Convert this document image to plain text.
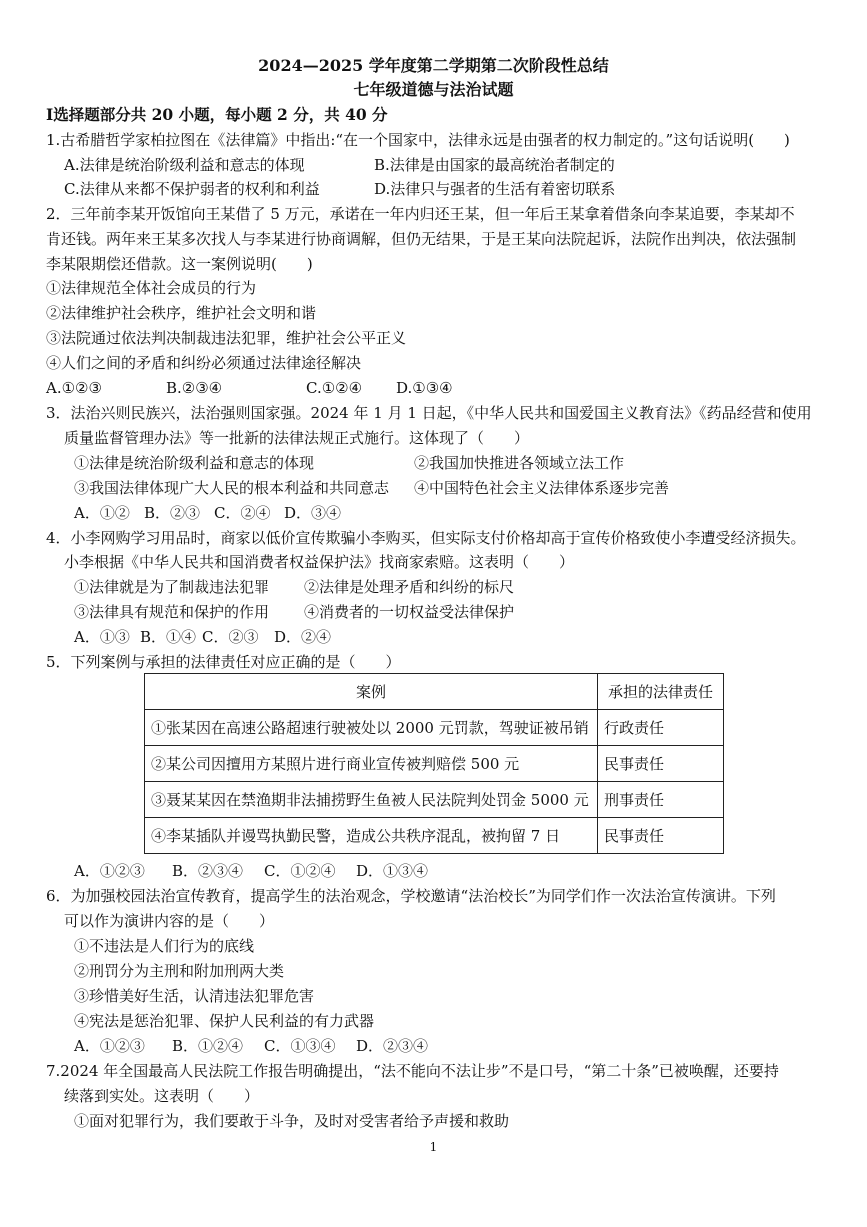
2024—2025 学年度第二学期第二次阶段性总结
七年级道德与法治试题
Ⅰ选择题部分共 20 小题，每小题 2 分，共 40 分
1.古希腊哲学家柏拉图在《法律篇》中指出:“在一个国家中，法律永远是由强者的权力制定的。”这句话说明(　　)
A.法律是统治阶级利益和意志的体现	B.法律是由国家的最高统治者制定的
C.法律从来都不保护弱者的权利和利益	D.法律只与强者的生活有着密切联系
2．三年前李某开饭馆向王某借了 5 万元，承诺在一年内归还王某，但一年后王某拿着借条向李某追要，李某却不
肯还钱。两年来王某多次找人与李某进行协商调解，但仍无结果，于是王某向法院起诉，法院作出判决，依法强制
李某限期偿还借款。这一案例说明(　　)
①法律规范全体社会成员的行为
②法律维护社会秩序，维护社会文明和谐
③法院通过依法判决制裁违法犯罪，维护社会公平正义
④人们之间的矛盾和纠纷必须通过法律途径解决
A.①②③	B.②③④	C.①②④ D.①③④
3．法治兴则民族兴，法治强则国家强。2024 年 1 月 1 日起，《中华人民共和国爱国主义教育法》《药品经营和使用
质量监督管理办法》等一批新的法律法规正式施行。这体现了（　　）
①法律是统治阶级利益和意志的体现	②我国加快推进各领域立法工作
③我国法律体现广大人民的根本利益和共同意志 ④中国特色社会主义法律体系逐步完善
A．①② B．②③ C．②④ D．③④
4．小李网购学习用品时，商家以低价宣传欺骗小李购买，但实际支付价格却高于宣传价格致使小李遭受经济损失。
小李根据《中华人民共和国消费者权益保护法》找商家索赔。这表明（　　）
①法律就是为了制裁违法犯罪 ②法律是处理矛盾和纠纷的标尺
③法律具有规范和保护的作用 ④消费者的一切权益受法律保护
A．①③ B．①④ C．②③ D．②④
5．下列案例与承担的法律责任对应正确的是（　　）
案例	承担的法律责任
①张某因在高速公路超速行驶被处以 2000 元罚款，驾驶证被吊销	行政责任
②某公司因擅用方某照片进行商业宣传被判赔偿 500 元	民事责任
③聂某某因在禁渔期非法捕捞野生鱼被人民法院判处罚金 5000 元	刑事责任
④李某插队并谩骂执勤民警，造成公共秩序混乱，被拘留 7 日	民事责任
A．①②③ B．②③④ C．①②④ D．①③④
6．为加强校园法治宣传教育，提高学生的法治观念，学校邀请“法治校长”为同学们作一次法治宣传演讲。下列
可以作为演讲内容的是（　　）
①不违法是人们行为的底线
②刑罚分为主刑和附加刑两大类
③珍惜美好生活，认清违法犯罪危害
④宪法是惩治犯罪、保护人民利益的有力武器
A．①②③ B．①②④ C．①③④ D．②③④
7.2024 年全国最高人民法院工作报告明确提出，“法不能向不法让步”不是口号，“第二十条”已被唤醒，还要持
续落到实处。这表明（　　）
①面对犯罪行为，我们要敢于斗争，及时对受害者给予声援和救助
1
